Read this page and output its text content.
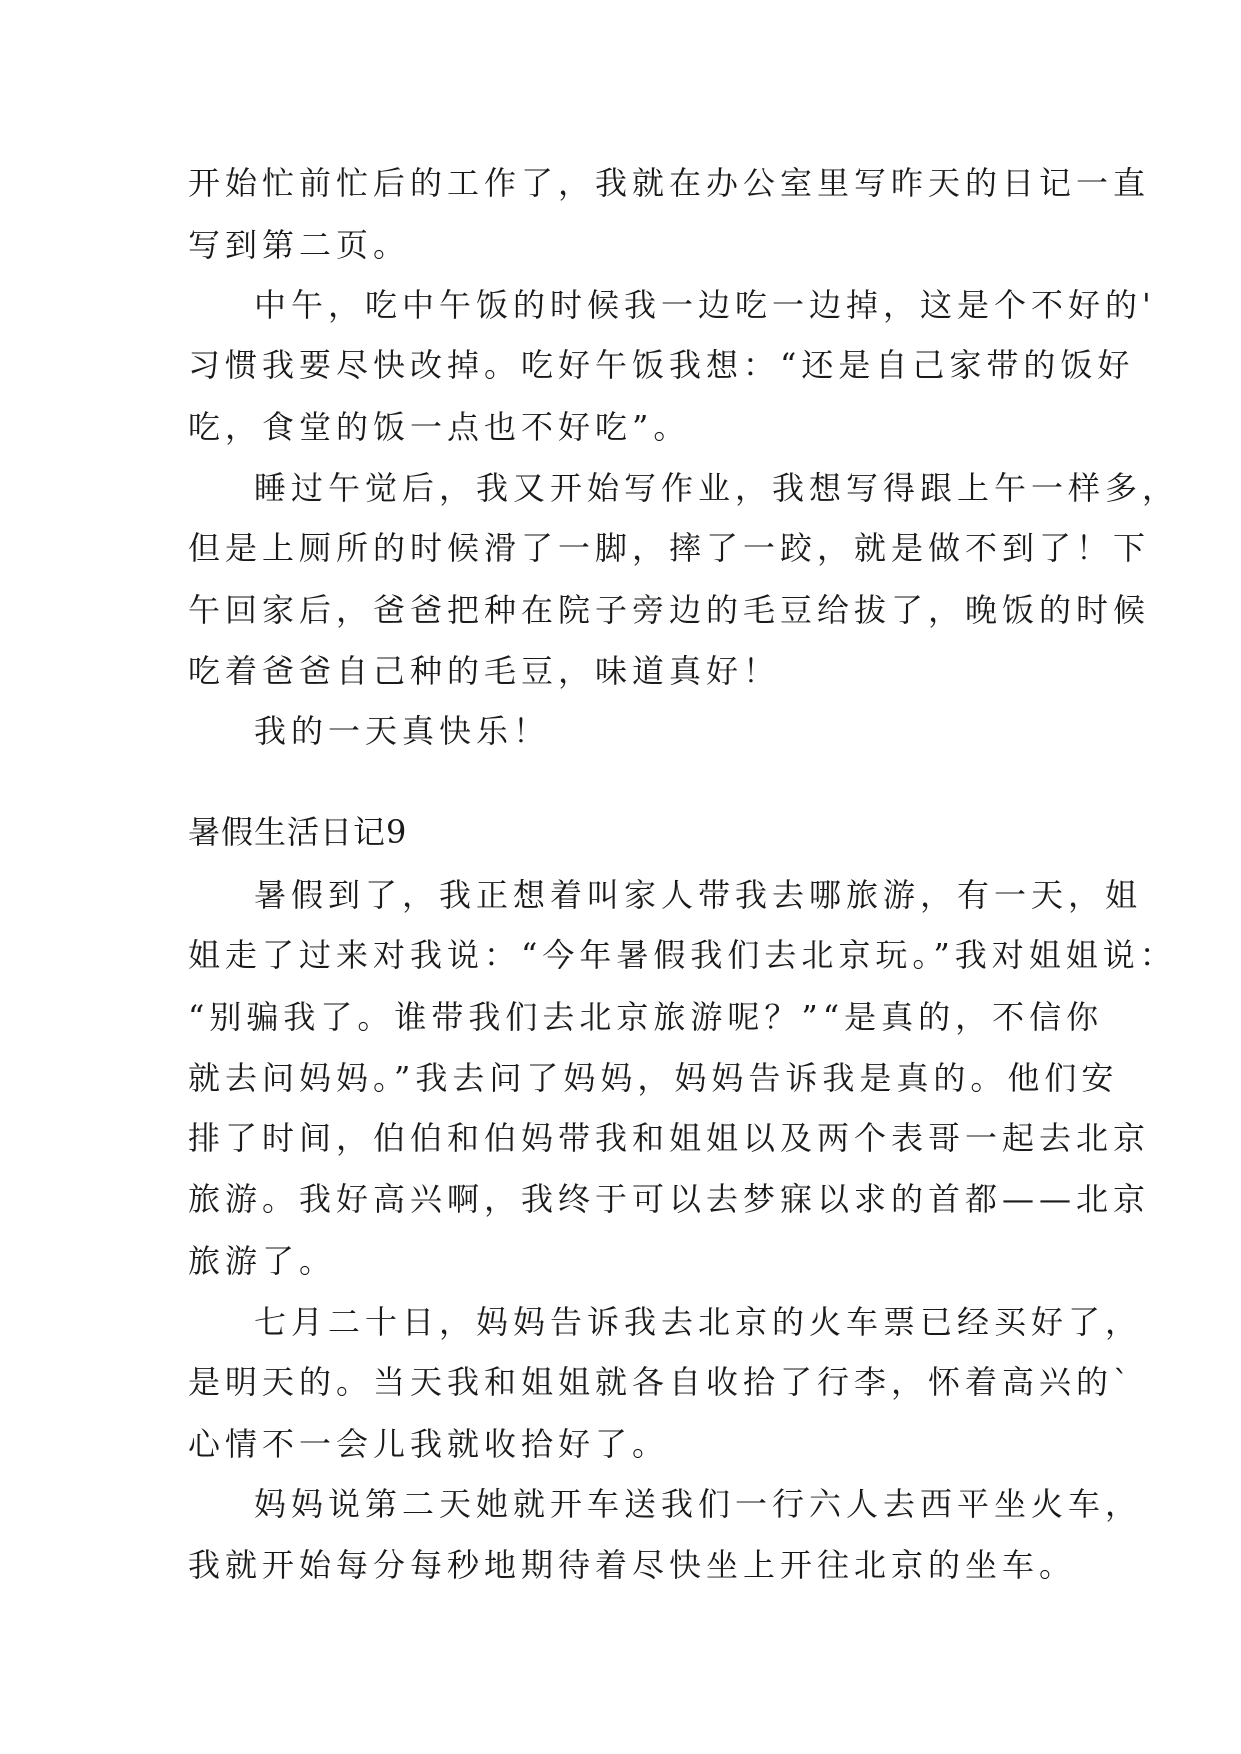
开始忙前忙后的工作了，我就在办公室里写昨天的日记一直
写到第二页。
中午，吃中午饭的时候我一边吃一边掉，这是个不好的'
习惯我要尽快改掉。吃好午饭我想：“还是自己家带的饭好
吃，食堂的饭一点也不好吃”。
睡过午觉后，我又开始写作业，我想写得跟上午一样多，
但是上厕所的时候滑了一脚，摔了一跤，就是做不到了！下
午回家后，爸爸把种在院子旁边的毛豆给拔了，晚饭的时候
吃着爸爸自己种的毛豆，味道真好！
我的一天真快乐！
暑假生活日记9
暑假到了，我正想着叫家人带我去哪旅游，有一天，姐
姐走了过来对我说：“今年暑假我们去北京玩。”我对姐姐说：
“别骗我了。谁带我们去北京旅游呢？”“是真的，不信你
就去问妈妈。”我去问了妈妈，妈妈告诉我是真的。他们安
排了时间，伯伯和伯妈带我和姐姐以及两个表哥一起去北京
旅游。我好高兴啊，我终于可以去梦寐以求的首都——北京
旅游了。
七月二十日，妈妈告诉我去北京的火车票已经买好了，
是明天的。当天我和姐姐就各自收拾了行李，怀着高兴的`
心情不一会儿我就收拾好了。
妈妈说第二天她就开车送我们一行六人去西平坐火车，
我就开始每分每秒地期待着尽快坐上开往北京的坐车。
